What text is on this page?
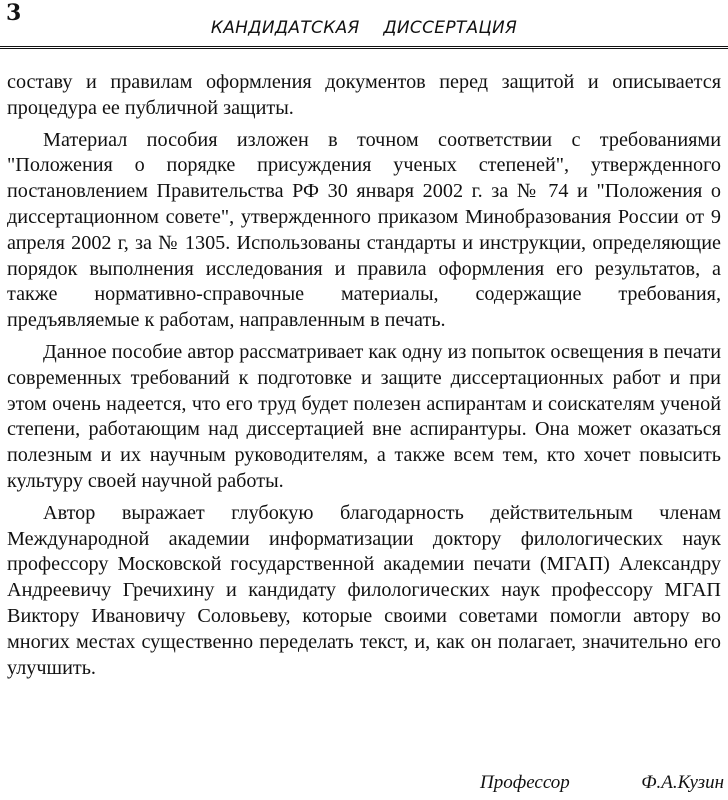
3
КАНДИДАТСКАЯ ДИССЕРТАЦИЯ

составу и правилам оформления документов перед защитой и описывается процедура ее публичной защиты.

Материал пособия изложен в точном соответствии с требованиями "Положения о порядке присуждения ученых степеней", утвержденного постановлением Правительства РФ 30 января 2002 г. за № 74 и "Положения о диссертационном совете", утвержденного приказом Минобразования России от 9 апреля 2002 г, за № 1305. Использованы стандарты и инструкции, определяющие порядок выполнения исследования и правила оформления его результатов, а также нормативно-справочные материалы, содержащие требования, предъявляемые к работам, направленным в печать.

Данное пособие автор рассматривает как одну из попыток освещения в печати современных требований к подготовке и защите диссертационных работ и при этом очень надеется, что его труд будет полезен аспирантам и соискателям ученой степени, работающим над диссертацией вне аспирантуры. Она может оказаться полезным и их научным руководителям, а также всем тем, кто хочет повысить культуру своей научной работы.

Автор выражает глубокую благодарность действительным членам Международной академии информатизации доктору филологических наук профессору Московской государственной академии печати (МГАП) Александру Андреевичу Гречихину и кандидату филологических наук профессору МГАП Виктору Ивановичу Соловьеву, которые своими советами помогли автору во многих местах существенно переделать текст, и, как он полагает, значительно его улучшить.

Профессор	Ф.А.Кузин
